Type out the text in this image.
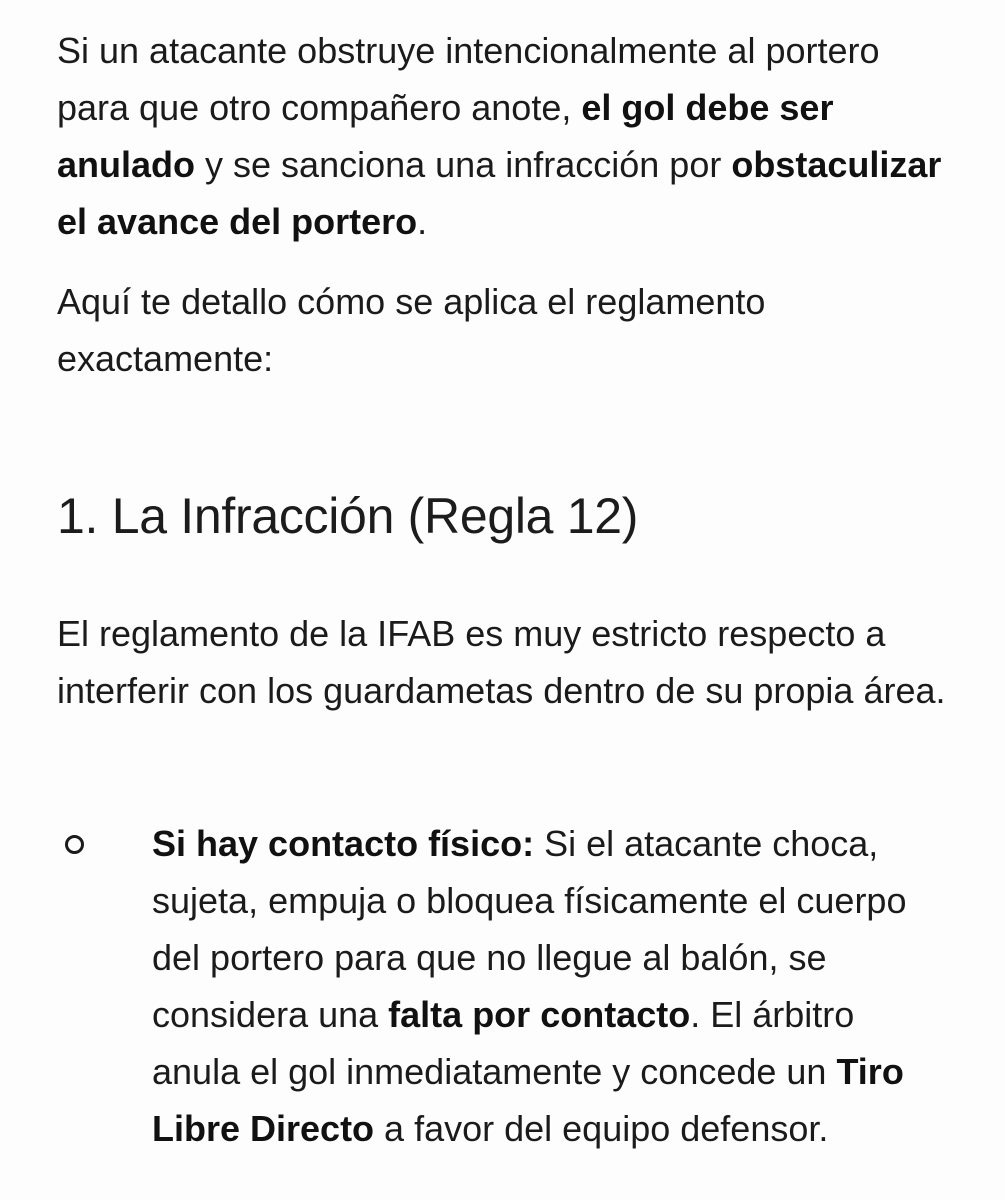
Si un atacante obstruye intencionalmente al portero para que otro compañero anote, el gol debe ser anulado y se sanciona una infracción por obstaculizar el avance del portero.

Aquí te detallo cómo se aplica el reglamento exactamente:

1. La Infracción (Regla 12)

El reglamento de la IFAB es muy estricto respecto a interferir con los guardametas dentro de su propia área.

Si hay contacto físico: Si el atacante choca, sujeta, empuja o bloquea físicamente el cuerpo del portero para que no llegue al balón, se considera una falta por contacto. El árbitro anula el gol inmediatamente y concede un Tiro Libre Directo a favor del equipo defensor.
